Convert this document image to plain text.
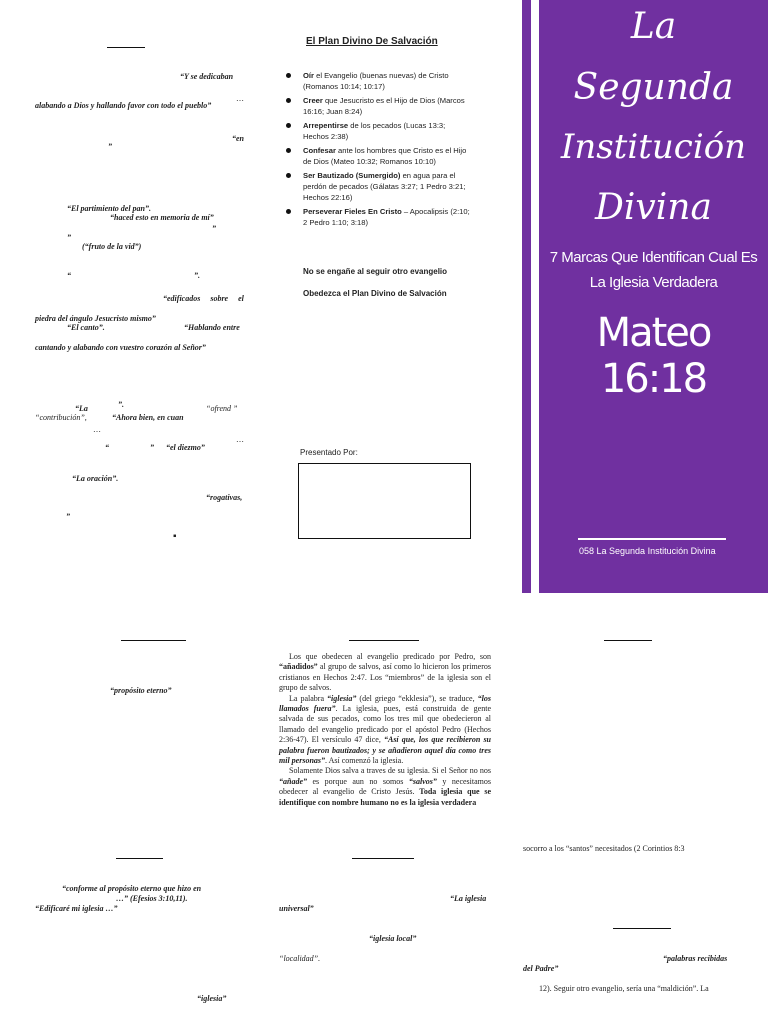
“Y se dedicaban
…
alabando a Dios y hallando favor con todo el pueblo”
“en
”
“El partimiento del pan”.
“haced esto en memoria de mí”
”
”
(“fruto de la vid”)
“	”.
“edificados sobre el
piedra del ángulo Jesucristo mismo”
“El canto”.	“Hablando entre
cantando y alabando con vuestro corazón al Señor”
“La	”.	“ofrend ”
“contribución”,	“Ahora bien, en cuan
…
“	” “el diezmo”
…
“La oración”.
“rogativas,
”
▪
El Plan Divino De Salvación
Oír el Evangelio (buenas nuevas) de Cristo (Romanos 10:14; 10:17)
Creer que Jesucristo es el Hijo de Dios (Marcos 16:16; Juan 8:24)
Arrepentirse de los pecados (Lucas 13:3; Hechos 2:38)
Confesar ante los hombres que Cristo es el Hijo de Dios (Mateo 10:32; Romanos 10:10)
Ser Bautizado (Sumergido) en agua para el perdón de pecados (Gálatas 3:27; 1 Pedro 3:21; Hechos 22:16)
Perseverar Fieles En Cristo – Apocalipsis (2:10; 2 Pedro 1:10; 3:18)
No se engañe al seguir otro evangelio
Obedezca el Plan Divino de Salvación
Presentado Por:
La
Segunda
Institución
Divina
7 Marcas Que Identifican Cual Es
La Iglesia Verdadera
Mateo 16:18
058 La Segunda Institución Divina
“propósito eterno”
“conforme al propósito eterno que hizo en
…” (Efesios 3:10,11).
“Edificaré mi iglesia …”
“iglesia”

Los que obedecen al evangelio predicado por Pedro, son “añadidos” al grupo de salvos, así como lo hicieron los primeros cristianos en Hechos 2:47. Los “miembros” de la iglesia son el grupo de salvos.

La palabra “iglesia” (del griego “ekklesia”), se traduce, “los llamados fuera”. La iglesia, pues, está construida de gente salvada de sus pecados, como los tres mil que obedecieron al llamado del evangelio predicado por el apóstol Pedro (Hechos 2:36-47). El versículo 47 dice, “Así que, los que recibieron su palabra fueron bautizados; y se añadieron aquel día como tres mil personas”. Así comenzó la iglesia.

Solamente Dios salva a traves de su iglesia. Si el Señor no nos “añade” es porque aun no somos “salvos” y necesitamos obedecer al evangelio de Cristo Jesús. Toda iglesia que se identifique con nombre humano no es la iglesia verdadera

“La iglesia
universal”
“iglesia local”
“localidad”.
socorro a los “santos” necesitados (2 Corintios 8:3
“palabras recibidas
del Padre”
12). Seguir otro evangelio, sería una “maldición”. La
